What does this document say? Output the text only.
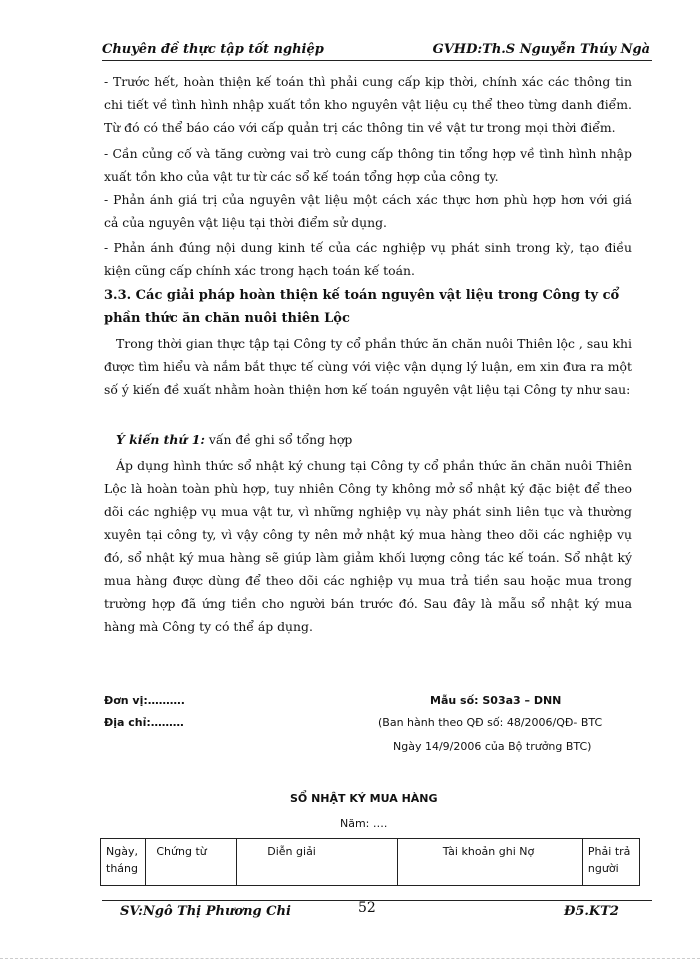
Chuyên đề thực tập tốt nghiệp	GVHD:Th.S Nguyễn Thúy Ngà

- Trước hết, hoàn thiện kế toán thì phải cung cấp kịp thời, chính xác các thông tin chi tiết về tình hình nhập xuất tồn kho nguyên vật liệu cụ thể theo từng danh điểm. Từ đó có thể báo cáo với cấp quản trị các thông tin về vật tư trong mọi thời điểm.

- Cần củng cố và tăng cường vai trò cung cấp thông tin tổng hợp về tình hình nhập xuất tồn kho của vật tư từ các sổ kế toán tổng hợp của công ty.

- Phản ánh giá trị của nguyên vật liệu một cách xác thực hơn phù hợp hơn với giá cả của nguyên vật liệu tại thời điểm sử dụng.

- Phản ánh đúng nội dung kinh tế của các nghiệp vụ phát sinh trong kỳ, tạo điều kiện cũng cấp chính xác trong hạch toán kế toán.

3.3. Các giải pháp hoàn thiện kế toán nguyên vật liệu trong Công ty cổ phần thức ăn chăn nuôi thiên Lộc

Trong thời gian thực tập tại Công ty cổ phần thức ăn chăn nuôi Thiên lộc , sau khi được tìm hiểu và nắm bắt thực tế cùng với việc vận dụng lý luận, em xin đưa ra một số ý kiến đề xuất nhằm hoàn thiện hơn kế toán nguyên vật liệu tại Công ty như sau:

Ý kiến thứ 1: vấn đề ghi sổ tổng hợp

Áp dụng hình thức sổ nhật ký chung tại Công ty cổ phần thức ăn chăn nuôi Thiên Lộc là hoàn toàn phù hợp, tuy nhiên Công ty không mở sổ nhật ký đặc biệt để theo dõi các nghiệp vụ mua vật tư, vì những nghiệp vụ này phát sinh liên tục và thường xuyên tại công ty, vì vậy công ty nên mở nhật ký mua hàng theo dõi các nghiệp vụ đó, sổ nhật ký mua hàng sẽ giúp làm giảm khối lượng công tác kế toán. Sổ nhật ký mua hàng được dùng để theo dõi các nghiệp vụ mua trả tiền sau hoặc mua trong trường hợp đã ứng tiền cho người bán trước đó. Sau đây là mẫu sổ nhật ký mua hàng mà Công ty có thể áp dụng.

Đơn vị:……….
Địa chỉ:………
Mẫu số: S03a3 – DNN
(Ban hành theo QĐ số: 48/2006/QĐ- BTC
Ngày 14/9/2006 của Bộ trưởng BTC)
SỔ NHẬT KÝ MUA HÀNG
Năm: ….
Ngày, tháng	Chứng từ	Diễn giải	Tài khoản ghi Nợ	Phải trả người
SV:Ngô Thị Phương Chi	52	Đ5.KT2
